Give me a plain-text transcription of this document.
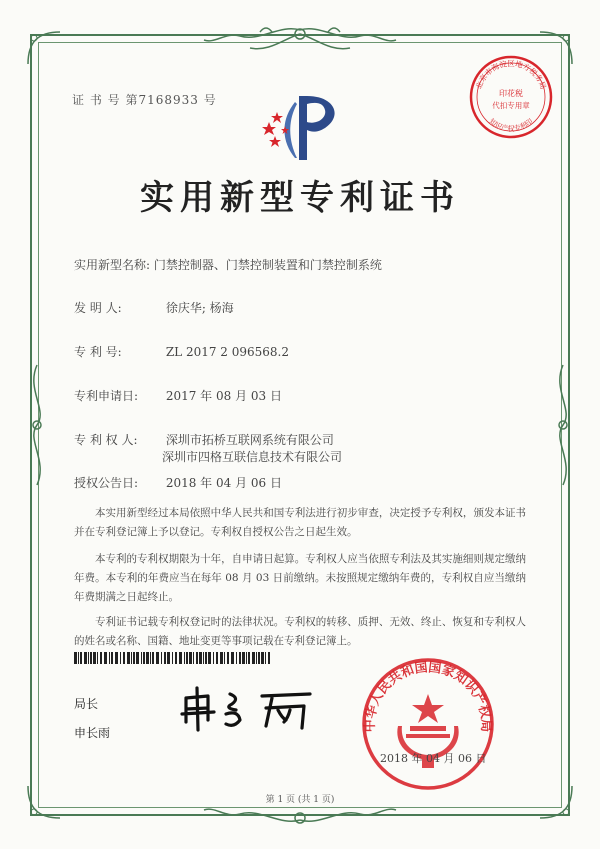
证 书 号 第7168933 号
北京市海淀区地方税务局
知识产权专利印
印花税
代扣专用章
实用新型专利证书
实用新型名称: 门禁控制器、门禁控制装置和门禁控制系统
发 明 人:	徐庆华; 杨海
专 利 号:	ZL 2017 2 096568.2
专利申请日: 2017 年 08 月 03 日
专 利 权 人: 深圳市拓桥互联网系统有限公司
深圳市四格互联信息技术有限公司
授权公告日: 2018 年 04 月 06 日
本实用新型经过本局依照中华人民共和国专利法进行初步审查，决定授予专利权，颁发本证书并在专利登记簿上予以登记。专利权自授权公告之日起生效。
本专利的专利权期限为十年，自申请日起算。专利权人应当依照专利法及其实施细则规定缴纳年费。本专利的年费应当在每年 08 月 03 日前缴纳。未按照规定缴纳年费的，专利权自应当缴纳年费期满之日起终止。
专利证书记载专利权登记时的法律状况。专利权的转移、质押、无效、终止、恢复和专利权人的姓名或名称、国籍、地址变更等事项记载在专利登记簿上。
局长
申长雨
中华人民共和国国家知识产权局
2018 年 04 月 06 日
第 1 页 (共 1 页)
